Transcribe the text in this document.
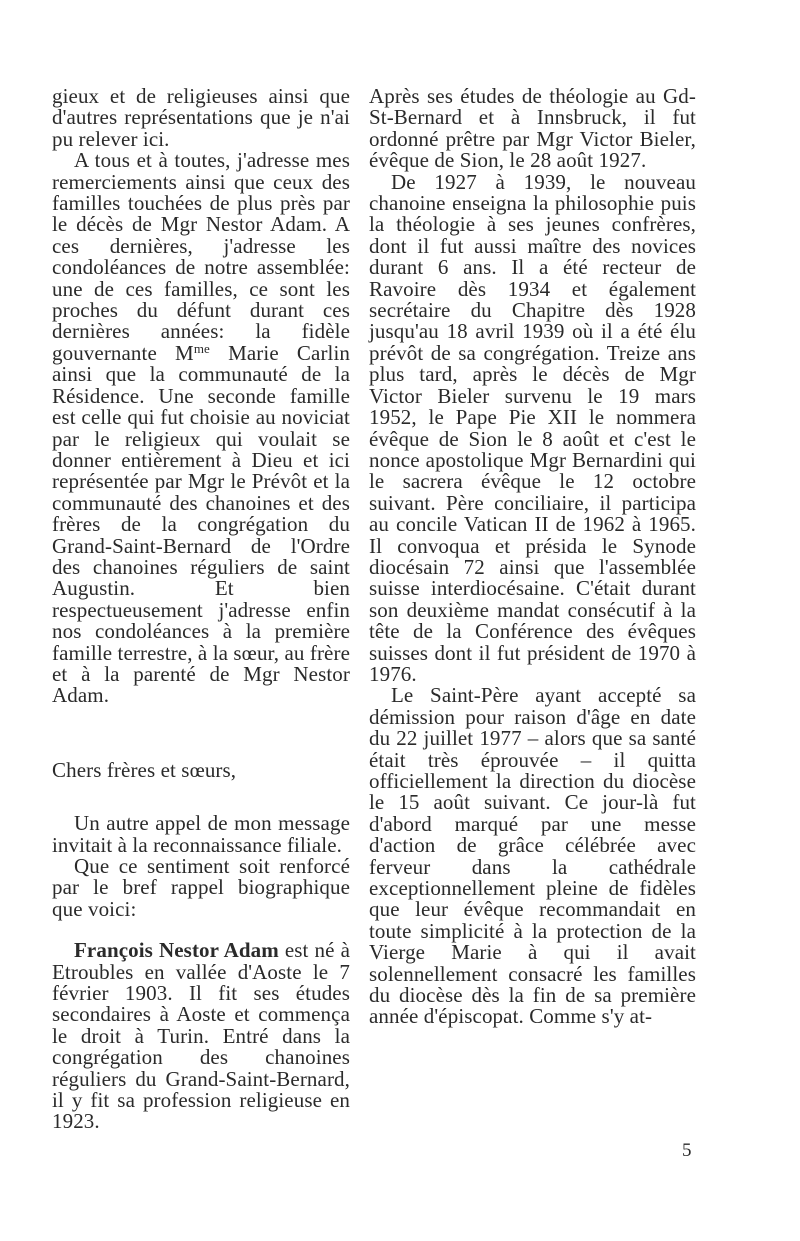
gieux et de religieuses ainsi que d'autres représentations que je n'ai pu relever ici.

A tous et à toutes, j'adresse mes remerciements ainsi que ceux des familles touchées de plus près par le décès de Mgr Nestor Adam. A ces dernières, j'adresse les condoléances de notre assemblée: une de ces familles, ce sont les proches du défunt durant ces dernières années: la fidèle gouvernante $M^{me}$ Marie Carlin ainsi que la communauté de la Résidence. Une seconde famille est celle qui fut choisie au noviciat par le religieux qui voulait se donner entièrement à Dieu et ici représentée par Mgr le Prévôt et la communauté des chanoines et des frères de la congrégation du Grand-Saint-Bernard de l'Ordre des chanoines réguliers de saint Augustin. Et bien respectueusement j'adresse enfin nos condoléances à la première famille terrestre, à la sœur, au frère et à la parenté de Mgr Nestor Adam.

Chers frères et sœurs,

Un autre appel de mon message invitait à la reconnaissance filiale.

Que ce sentiment soit renforcé par le bref rappel biographique que voici:

François Nestor Adam est né à Etroubles en vallée d'Aoste le 7 février 1903. Il fit ses études secondaires à Aoste et commença le droit à Turin. Entré dans la congrégation des chanoines réguliers du Grand-Saint-Bernard, il y fit sa profession religieuse en 1923.

Après ses études de théologie au Gd-St-Bernard et à Innsbruck, il fut ordonné prêtre par Mgr Victor Bieler, évêque de Sion, le 28 août 1927.

De 1927 à 1939, le nouveau chanoine enseigna la philosophie puis la théologie à ses jeunes confrères, dont il fut aussi maître des novices durant 6 ans. Il a été recteur de Ravoire dès 1934 et également secrétaire du Chapitre dès 1928 jusqu'au 18 avril 1939 où il a été élu prévôt de sa congrégation. Treize ans plus tard, après le décès de Mgr Victor Bieler survenu le 19 mars 1952, le Pape Pie XII le nommera évêque de Sion le 8 août et c'est le nonce apostolique Mgr Bernardini qui le sacrera évêque le 12 octobre suivant. Père conciliaire, il participa au concile Vatican II de 1962 à 1965. Il convoqua et présida le Synode diocésain 72 ainsi que l'assemblée suisse interdiocésaine. C'était durant son deuxième mandat consécutif à la tête de la Conférence des évêques suisses dont il fut président de 1970 à 1976.

Le Saint-Père ayant accepté sa démission pour raison d'âge en date du 22 juillet 1977 – alors que sa santé était très éprouvée – il quitta officiellement la direction du diocèse le 15 août suivant. Ce jour-là fut d'abord marqué par une messe d'action de grâce célébrée avec ferveur dans la cathédrale exceptionnellement pleine de fidèles que leur évêque recommandait en toute simplicité à la protection de la Vierge Marie à qui il avait solennellement consacré les familles du diocèse dès la fin de sa première année d'épiscopat. Comme s'y at-

5
